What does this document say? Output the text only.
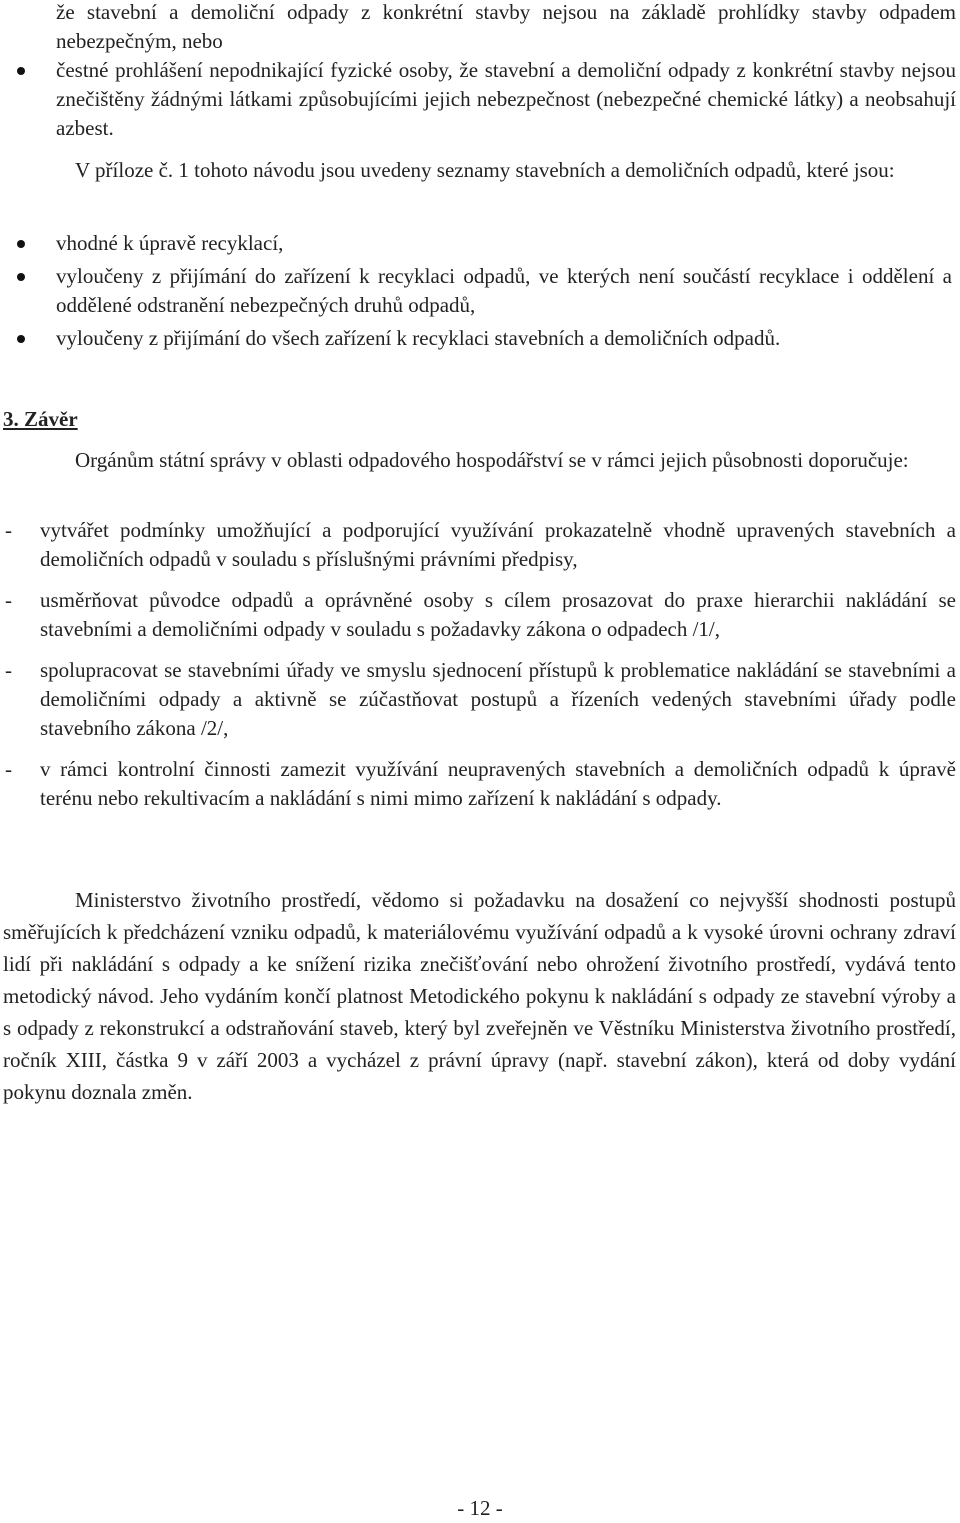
že stavební a demoliční odpady z konkrétní stavby nejsou na základě prohlídky stavby odpadem nebezpečným, nebo
čestné prohlášení nepodnikající fyzické osoby, že stavební a demoliční odpady z konkrétní stavby nejsou znečištěny žádnými látkami způsobujícími jejich nebezpečnost (nebezpečné chemické látky) a neobsahují azbest.
V příloze č. 1 tohoto návodu jsou uvedeny seznamy stavebních a demoličních odpadů, které jsou:
vhodné k úpravě recyklací,
vyloučeny z přijímání do zařízení k recyklaci odpadů, ve kterých není součástí recyklace i oddělení a oddělené odstranění nebezpečných druhů odpadů,
vyloučeny z přijímání do všech zařízení k recyklaci stavebních a demoličních odpadů.
3. Závěr
Orgánům státní správy v oblasti odpadového hospodářství se v rámci jejich působnosti doporučuje:
- vytvářet podmínky umožňující a podporující využívání prokazatelně vhodně upravených stavebních a demoličních odpadů v souladu s příslušnými právními předpisy,
- usměrňovat původce odpadů a oprávněné osoby s cílem prosazovat do praxe hierarchii nakládání se stavebními a demoličními odpady v souladu s požadavky zákona o odpadech /1/,
- spolupracovat se stavebními úřady ve smyslu sjednocení přístupů k problematice nakládání se stavebními a demoličními odpady a aktivně se zúčastňovat postupů a řízeních vedených stavebními úřady podle stavebního zákona /2/,
- v rámci kontrolní činnosti zamezit využívání neupravených stavebních a demoličních odpadů k úpravě terénu nebo rekultivacím a nakládání s nimi mimo zařízení k nakládání s odpady.
Ministerstvo životního prostředí, vědomo si požadavku na dosažení co nejvyšší shodnosti postupů směřujících k předcházení vzniku odpadů, k materiálovému využívání odpadů a k vysoké úrovni ochrany zdraví lidí při nakládání s odpady a ke snížení rizika znečišťování nebo ohrožení životního prostředí, vydává tento metodický návod. Jeho vydáním končí platnost Metodického pokynu k nakládání s odpady ze stavební výroby a s odpady z rekonstrukcí a odstraňování staveb, který byl zveřejněn ve Věstníku Ministerstva životního prostředí, ročník XIII, částka 9 v září 2003 a vycházel z právní úpravy (např. stavební zákon), která od doby vydání pokynu doznala změn.
- 12 -
